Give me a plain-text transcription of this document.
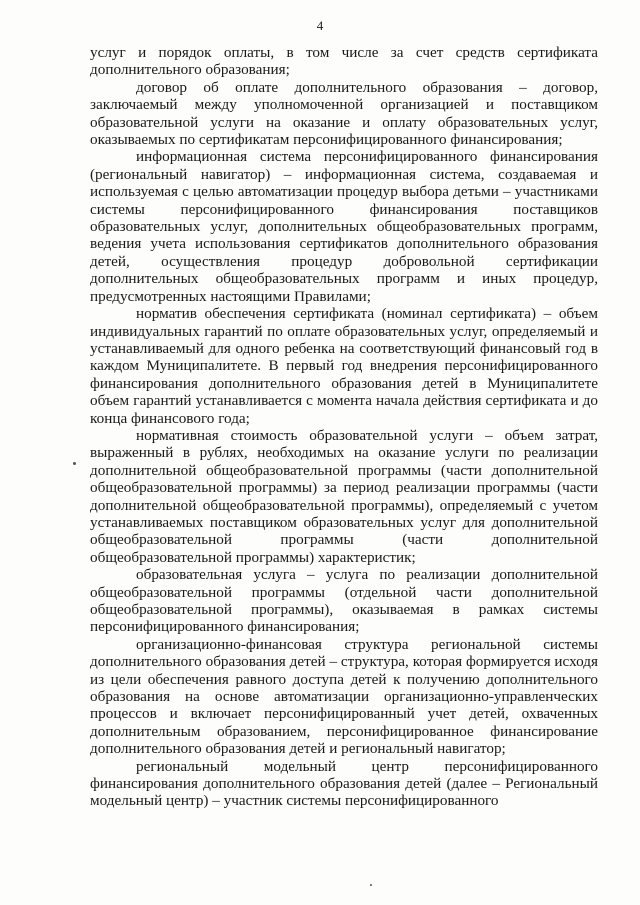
4

услуг и порядок оплаты, в том числе за счет средств сертификата дополнительного образования;

договор об оплате дополнительного образования – договор, заключаемый между уполномоченной организацией и поставщиком образовательной услуги на оказание и оплату образовательных услуг, оказываемых по сертификатам персонифицированного финансирования;

информационная система персонифицированного финансирования (региональный навигатор) – информационная система, создаваемая и используемая с целью автоматизации процедур выбора детьми – участниками системы персонифицированного финансирования поставщиков образовательных услуг, дополнительных общеобразовательных программ, ведения учета использования сертификатов дополнительного образования детей, осуществления процедур добровольной сертификации дополнительных общеобразовательных программ и иных процедур, предусмотренных настоящими Правилами;

норматив обеспечения сертификата (номинал сертификата) – объем индивидуальных гарантий по оплате образовательных услуг, определяемый и устанавливаемый для одного ребенка на соответствующий финансовый год в каждом Муниципалитете. В первый год внедрения персонифицированного финансирования дополнительного образования детей в Муниципалитете объем гарантий устанавливается с момента начала действия сертификата и до конца финансового года;

нормативная стоимость образовательной услуги – объем затрат, выраженный в рублях, необходимых на оказание услуги по реализации дополнительной общеобразовательной программы (части дополнительной общеобразовательной программы) за период реализации программы (части дополнительной общеобразовательной программы), определяемый с учетом устанавливаемых поставщиком образовательных услуг для дополнительной общеобразовательной программы (части дополнительной общеобразовательной программы) характеристик;

образовательная услуга – услуга по реализации дополнительной общеобразовательной программы (отдельной части дополнительной общеобразовательной программы), оказываемая в рамках системы персонифицированного финансирования;

организационно-финансовая структура региональной системы дополнительного образования детей – структура, которая формируется исходя из цели обеспечения равного доступа детей к получению дополнительного образования на основе автоматизации организационно-управленческих процессов и включает персонифицированный учет детей, охваченных дополнительным образованием, персонифицированное финансирование дополнительного образования детей и региональный навигатор;

региональный модельный центр персонифицированного финансирования дополнительного образования детей (далее – Региональный модельный центр) – участник системы персонифицированного
